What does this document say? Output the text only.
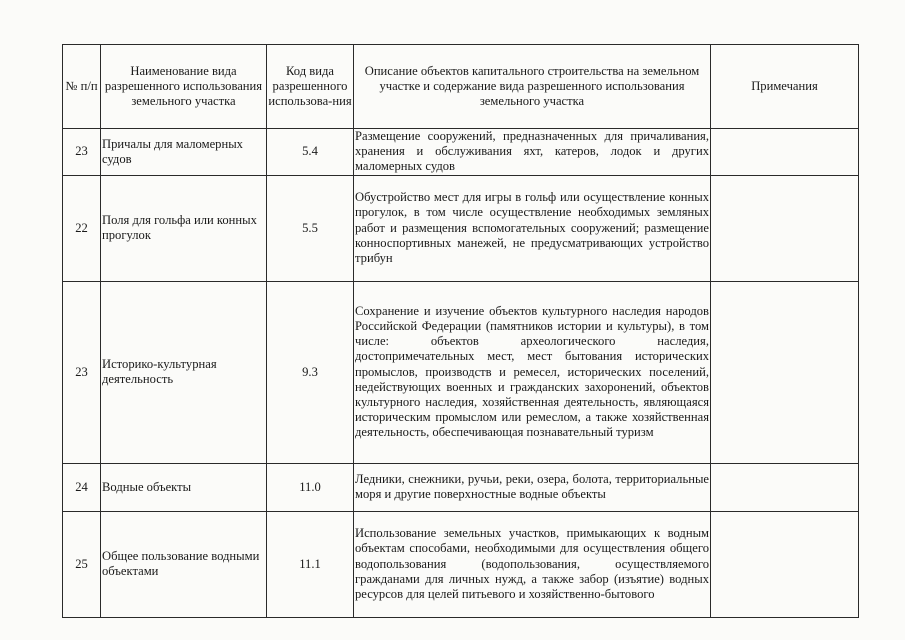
№ п/п	Наименование вида разрешенного использования земельного участка	Код вида разрешенного использова-ния	Описание объектов капитального строительства на земельном участке и содержание вида разрешенного использования земельного участка	Примечания
23	Причалы для маломерных судов	5.4	Размещение сооружений, предназначенных для причаливания, хранения и обслуживания яхт, катеров, лодок и других маломерных судов	
22	Поля для гольфа или конных прогулок	5.5	Обустройство мест для игры в гольф или осуществление конных прогулок, в том числе осуществление необходимых земляных работ и размещения вспомогательных сооружений; размещение конноспортивных манежей, не предусматривающих устройство трибун	
23	Историко-культурная деятельность	9.3	Сохранение и изучение объектов культурного наследия народов Российской Федерации (памятников истории и культуры), в том числе: объектов археологического наследия, достопримечательных мест, мест бытования исторических промыслов, производств и ремесел, исторических поселений, недействующих военных и гражданских захоронений, объектов культурного наследия, хозяйственная деятельность, являющаяся историческим промыслом или ремеслом, а также хозяйственная деятельность, обеспечивающая познавательный туризм	
24	Водные объекты	11.0	Ледники, снежники, ручьи, реки, озера, болота, территориальные моря и другие поверхностные водные объекты	
25	Общее пользование водными объектами	11.1	Использование земельных участков, примыкающих к водным объектам способами, необходимыми для осуществления общего водопользования (водопользования, осуществляемого гражданами для личных нужд, а также забор (изъятие) водных ресурсов для целей питьевого и хозяйственно-бытового	
